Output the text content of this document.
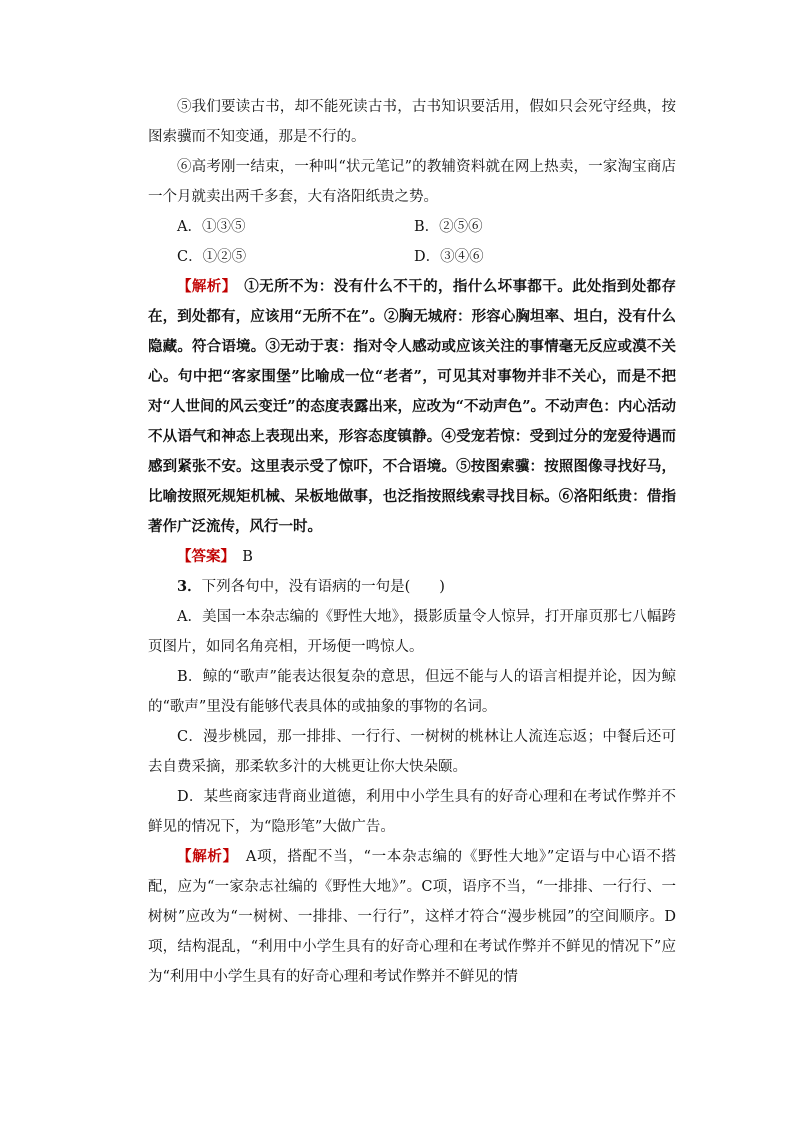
⑤我们要读古书，却不能死读古书，古书知识要活用，假如只会死守经典，按图索骥而不知变通，那是不行的。

⑥高考刚一结束，一种叫“状元笔记”的教辅资料就在网上热卖，一家淘宝商店一个月就卖出两千多套，大有洛阳纸贵之势。

A．①③⑤	B．②⑤⑥
C．①②⑤	D．③④⑥

【解析】　 ①无所不为：没有什么不干的，指什么坏事都干。此处指到处都存在，到处都有，应该用“无所不在”。②胸无城府：形容心胸坦率、坦白，没有什么隐藏。符合语境。③无动于衷：指对令人感动或应该关注的事情毫无反应或漠不关心。句中把“客家围堡”比喻成一位“老者”，可见其对事物并非不关心，而是不把对“人世间的风云变迁”的态度表露出来，应改为“不动声色”。不动声色：内心活动不从语气和神态上表现出来，形容态度镇静。④受宠若惊：受到过分的宠爱待遇而感到紧张不安。这里表示受了惊吓，不合语境。⑤按图索骥：按照图像寻找好马，比喻按照死规矩机械、呆板地做事，也泛指按照线索寻找目标。⑥洛阳纸贵：借指著作广泛流传，风行一时。

【答案】　 B

3．下列各句中，没有语病的一句是(　　)

A．美国一本杂志编的《野性大地》，摄影质量令人惊异，打开扉页那七八幅跨页图片，如同名角亮相，开场便一鸣惊人。

B．鲸的“歌声”能表达很复杂的意思，但远不能与人的语言相提并论，因为鲸的“歌声”里没有能够代表具体的或抽象的事物的名词。

C．漫步桃园，那一排排、一行行、一树树的桃林让人流连忘返；中餐后还可去自费采摘，那柔软多汁的大桃更让你大快朵颐。

D．某些商家违背商业道德，利用中小学生具有的好奇心理和在考试作弊并不鲜见的情况下，为“隐形笔”大做广告。

【解析】　 A项，搭配不当，“一本杂志编的《野性大地》”定语与中心语不搭配，应为“一家杂志社编的《野性大地》”。C项，语序不当，“一排排、一行行、一树树”应改为“一树树、一排排、一行行”，这样才符合“漫步桃园”的空间顺序。D项，结构混乱，“利用中小学生具有的好奇心理和在考试作弊并不鲜见的情况下”应为“利用中小学生具有的好奇心理和考试作弊并不鲜见的情
